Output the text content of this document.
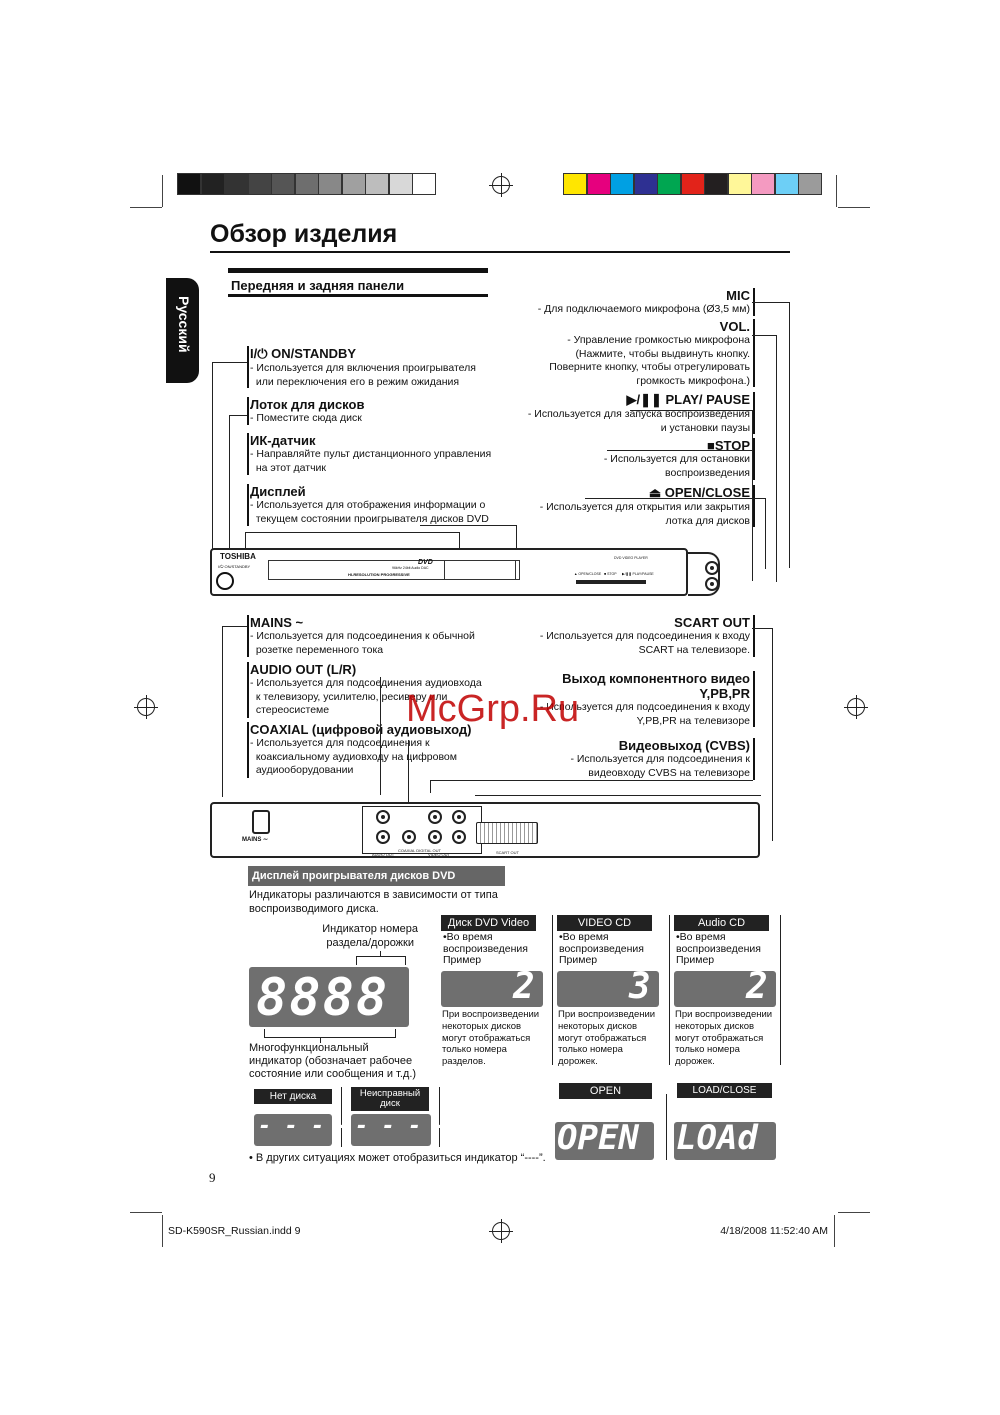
Обзор изделия
Русский
Передняя и задняя панели
I/⏻ ON/STANDBY
- Используется для включения проигрывателя
или переключения его в режим ожидания
Лоток для дисков
- Поместите сюда диск
ИК-датчик
- Направляйте пульт дистанционного управления
на этот датчик
Дисплей
- Используется для отображения информации о
текущем состоянии проигрывателя дисков DVD
MIC
- Для подключаемого микрофона (Ø3,5 мм)
VOL.
- Управление громкостью микрофона
(Нажмите, чтобы выдвинуть кнопку.
Поверните кнопку, чтобы отрегулировать
громкость микрофона.)
▶/❚❚ PLAY/ PAUSE
- Используется для запуска воспроизведения
и установки паузы
■STOP
- Используется для остановки
воспроизведения
⏏ OPEN/CLOSE
- Используется для открытия или закрытия
лотка для дисков
TOSHIBA
I/⏻ ON/STANDBY
HI-RESOLUTION PROGRESSIVE
96kHz 24bit Audio DAC
DVD
DVD VIDEO PLAYER
▲ OPEN/CLOSE ■ STOP ▶/❚❚ PLAY/PAUSE
MAINS ~
- Используется для подсоединения к обычной
розетке переменного тока
AUDIO OUT (L/R)
- Используется для подсоединения аудиовхода
к телевизору, усилителю, ресиверу или
стереосистеме
COAXIAL (цифровой аудиовыход)
- Используется для подсоединения к
коаксиальному аудиовходу на цифровом
аудиооборудовании
SCART OUT
- Используется для подсоединения к входу
SCART на телевизоре.
Выход компонентного видео
Y,PB,PR
- Используется для подсоединения к входу
Y,PB,PR на телевизоре
Видеовыход (CVBS)
- Используется для подсоединения к
видеовходу CVBS на телевизоре
MAINS ∼
AUDIO OUT
COAXIAL DIGITAL OUT
VIDEO OUT	SCART OUT
Дисплей проигрывателя дисков DVD
Индикаторы различаются в зависимости от типа
воспроизводимого диска.
Индикатор номера
раздела/дорожки
8888
Многофункциональный
индикатор (обозначает рабочее
состояние или сообщения и т.д.)
Диск DVD Video
•Во время
воспроизведения
Пример
2
При воспроизведении
некоторых дисков
могут отображаться
только номера
разделов.
VIDEO CD
•Во время
воспроизведения
Пример
3
При воспроизведении
некоторых дисков
могут отображаться
только номера
дорожек.
Audio CD
•Во время
воспроизведения
Пример
2
При воспроизведении
некоторых дисков
могут отображаться
только номера
дорожек.
Нет диска	Неисправный
диск
- - - - - - - -
OPEN
OPEN
LOAD/CLOSE
LOAd
• В других ситуациях может отобразиться индикатор “----”.
McGrp.Ru
9
SD-K590SR_Russian.indd 9	4/18/2008 11:52:40 AM
